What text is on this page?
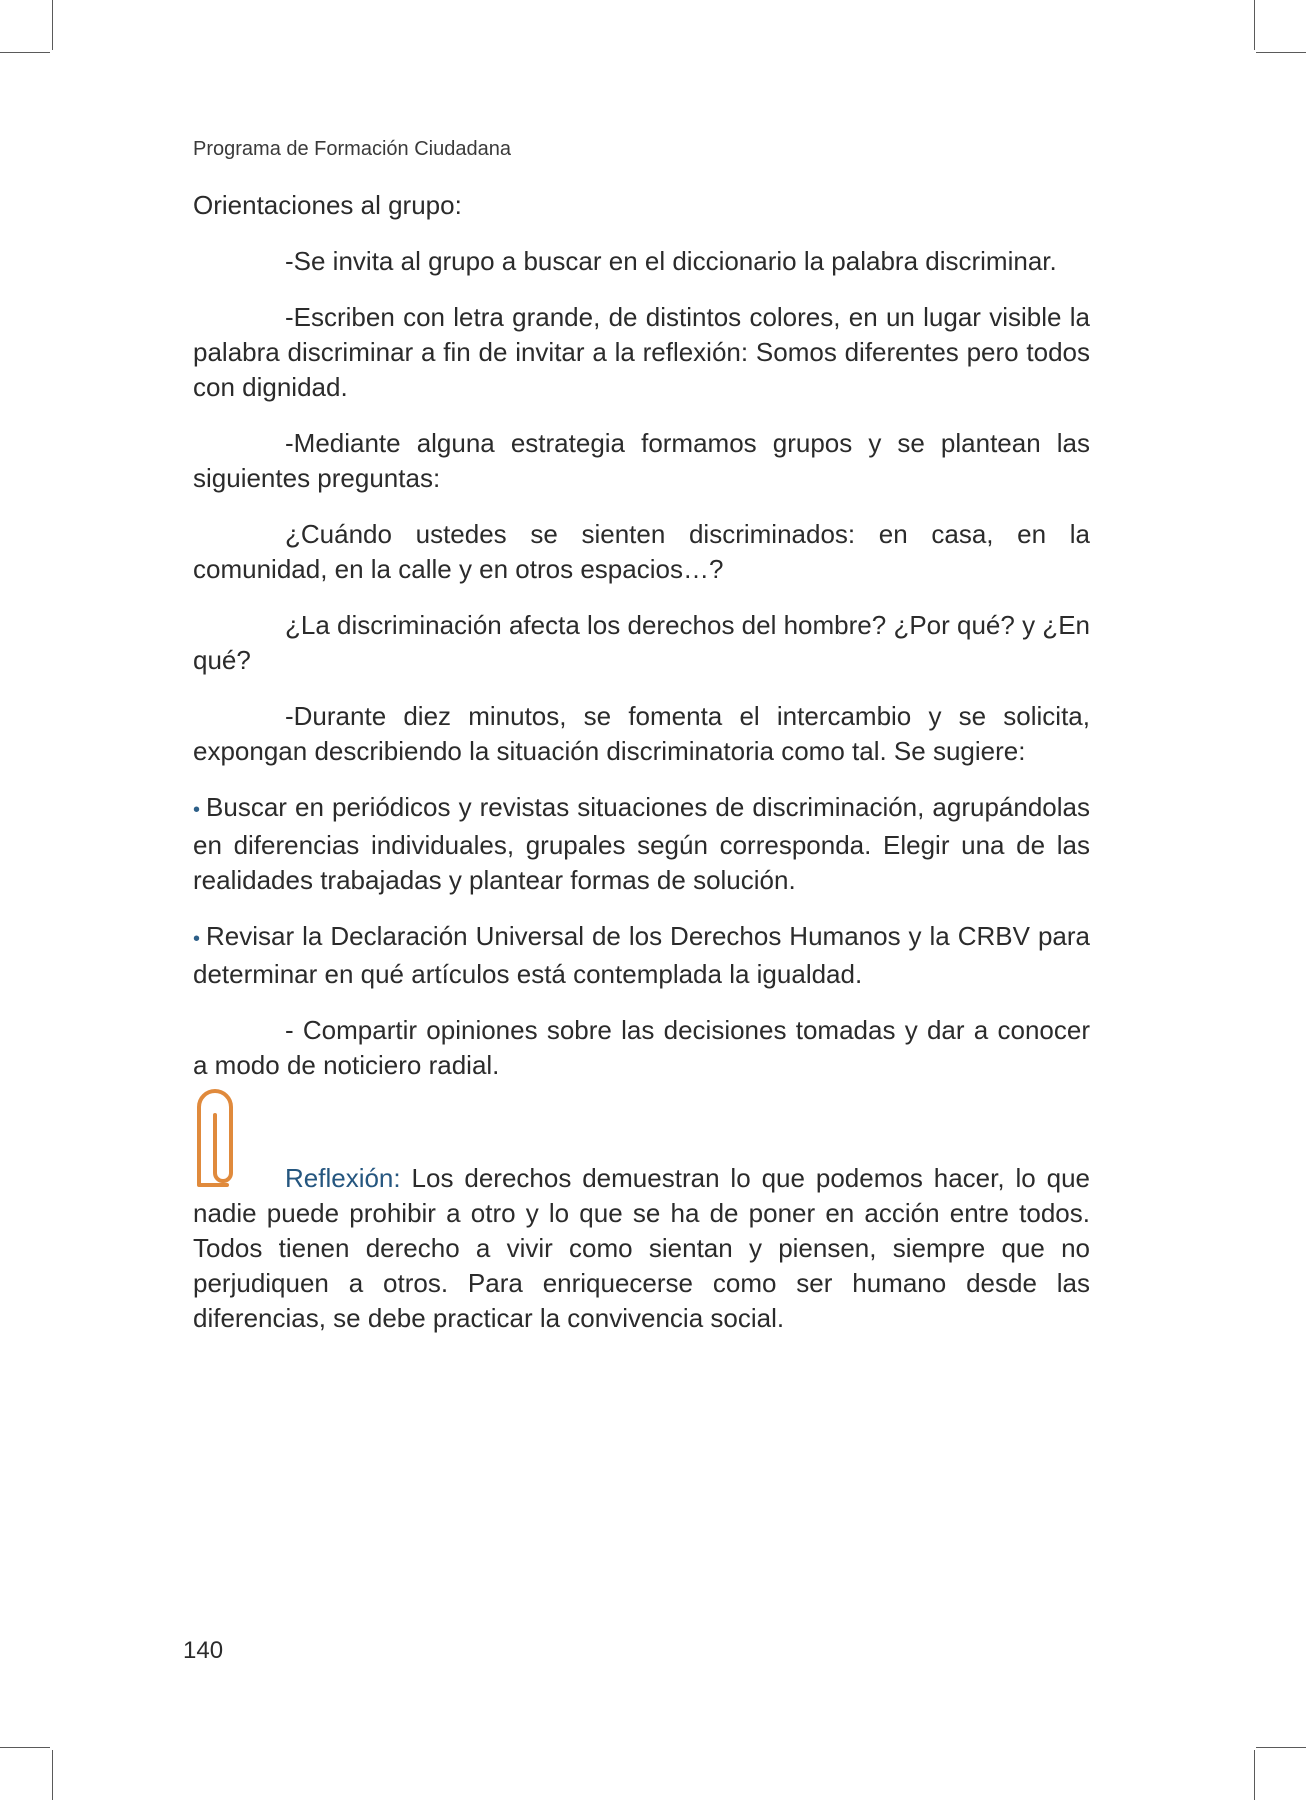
Programa de Formación Ciudadana

Orientaciones al grupo:

-Se invita al grupo a buscar en el diccionario la palabra discriminar.

-Escriben con letra grande, de distintos colores, en un lugar visible la palabra discriminar a fin de invitar a la reflexión: Somos diferentes pero todos con dignidad.

-Mediante alguna estrategia formamos grupos y se plantean las siguientes preguntas:

¿Cuándo ustedes se sienten discriminados: en casa, en la comunidad, en la calle y en otros espacios…?

¿La discriminación afecta los derechos del hombre? ¿Por qué? y ¿En qué?

-Durante diez minutos, se fomenta el intercambio y se solicita, expongan describiendo la situación discriminatoria como tal. Se sugiere:

• Buscar en periódicos y revistas situaciones de discriminación, agrupándolas en diferencias individuales, grupales según corresponda. Elegir una de las realidades trabajadas y plantear formas de solución.

• Revisar la Declaración Universal de los Derechos Humanos y la CRBV para determinar en qué artículos está contemplada la igualdad.

- Compartir opiniones sobre las decisiones tomadas y dar a conocer a modo de noticiero radial.

Reflexión: Los derechos demuestran lo que podemos hacer, lo que nadie puede prohibir a otro y lo que se ha de poner en acción entre todos. Todos tienen derecho a vivir como sientan y piensen, siempre que no perjudiquen a otros. Para enriquecerse como ser humano desde las diferencias, se debe practicar la convivencia social.

140
